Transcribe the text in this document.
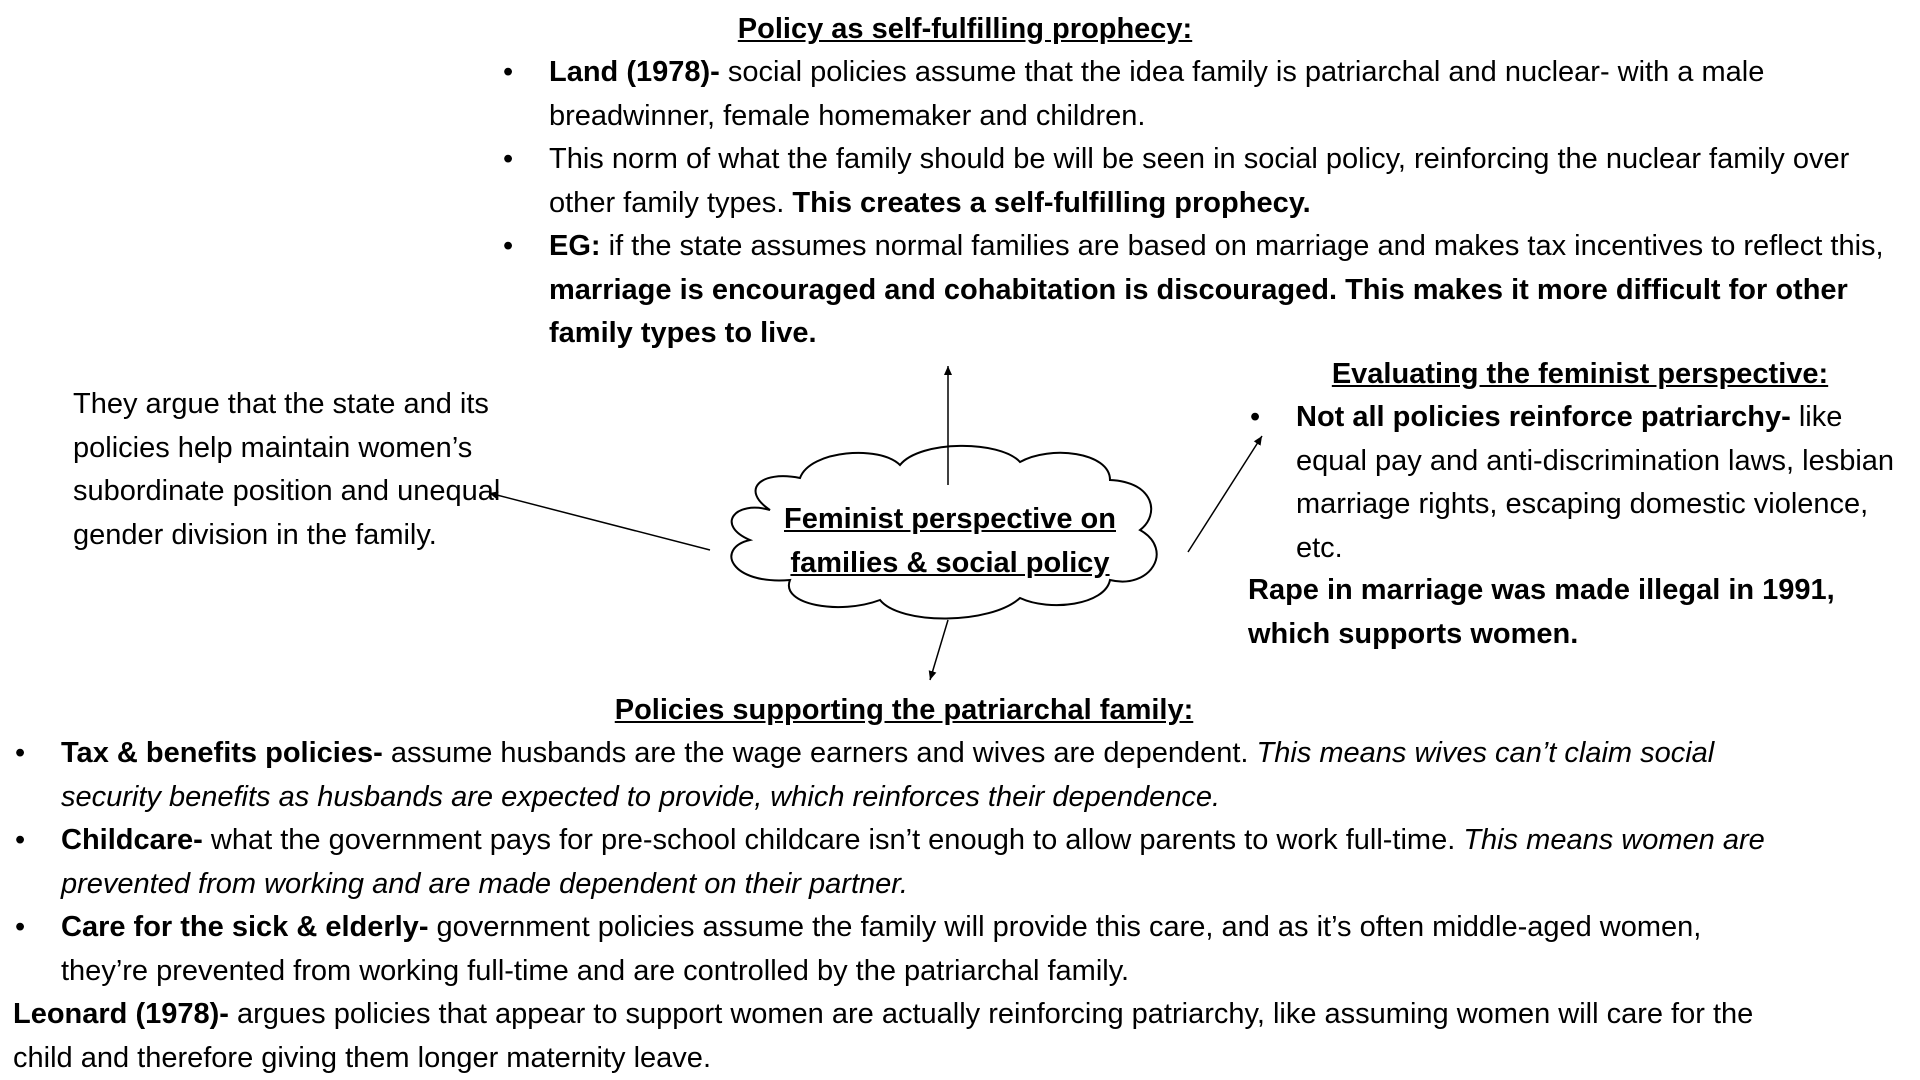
Policy as self-fulfilling prophecy:
• Land (1978)- social policies assume that the idea family is patriarchal and nuclear- with a male breadwinner, female homemaker and children.
• This norm of what the family should be will be seen in social policy, reinforcing the nuclear family over other family types. This creates a self-fulfilling prophecy.
• EG: if the state assumes normal families are based on marriage and makes tax incentives to reflect this, marriage is encouraged and cohabitation is discouraged. This makes it more difficult for other family types to live.

They argue that the state and its policies help maintain women’s subordinate position and unequal gender division in the family.	Feminist perspective on
families & social policy
Evaluating the feminist perspective:
• Not all policies reinforce patriarchy- like equal pay and anti-discrimination laws, lesbian marriage rights, escaping domestic violence, etc.

Rape in marriage was made illegal in 1991, which supports women.

Policies supporting the patriarchal family:
• Tax & benefits policies- assume husbands are the wage earners and wives are dependent. This means wives can’t claim social security benefits as husbands are expected to provide, which reinforces their dependence.
• Childcare- what the government pays for pre-school childcare isn’t enough to allow parents to work full-time. This means women are prevented from working and are made dependent on their partner.
• Care for the sick & elderly- government policies assume the family will provide this care, and as it’s often middle-aged women, they’re prevented from working full-time and are controlled by the patriarchal family.

Leonard (1978)- argues policies that appear to support women are actually reinforcing patriarchy, like assuming women will care for the child and therefore giving them longer maternity leave.
